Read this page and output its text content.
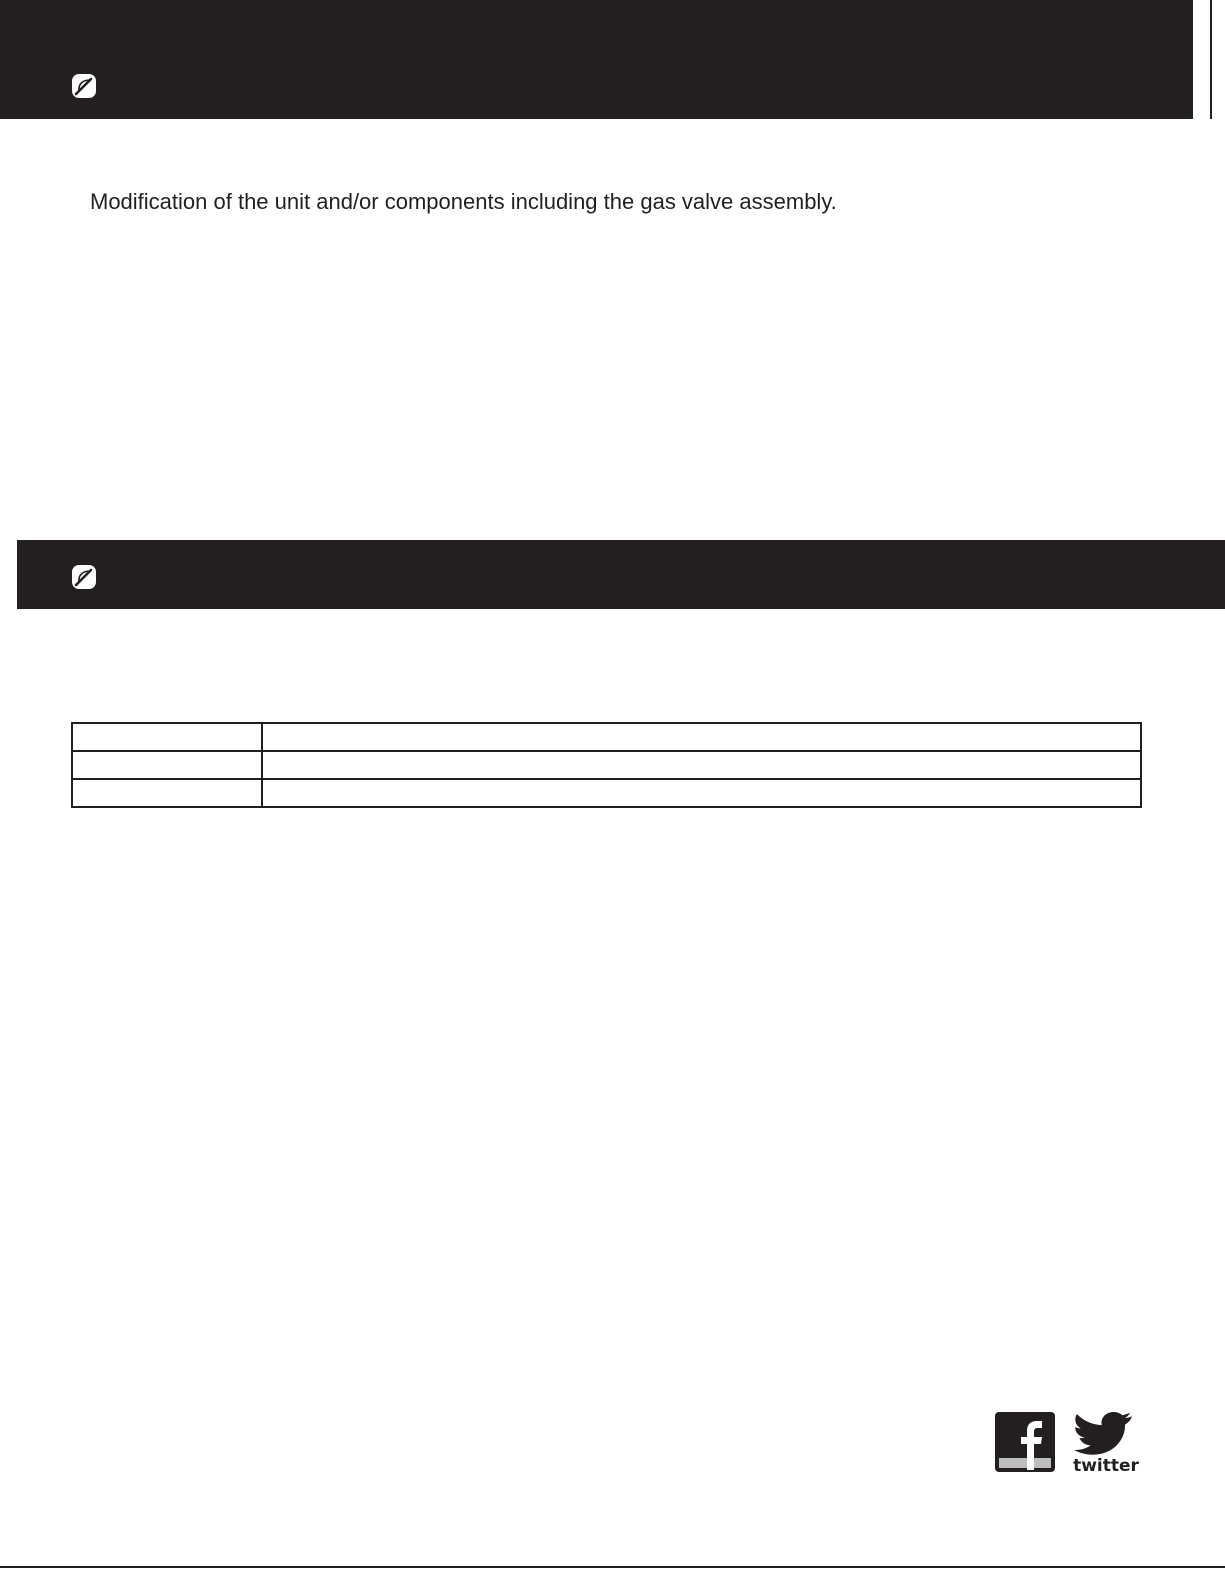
Modification of the unit and/or components including the gas valve assembly.

twitter
